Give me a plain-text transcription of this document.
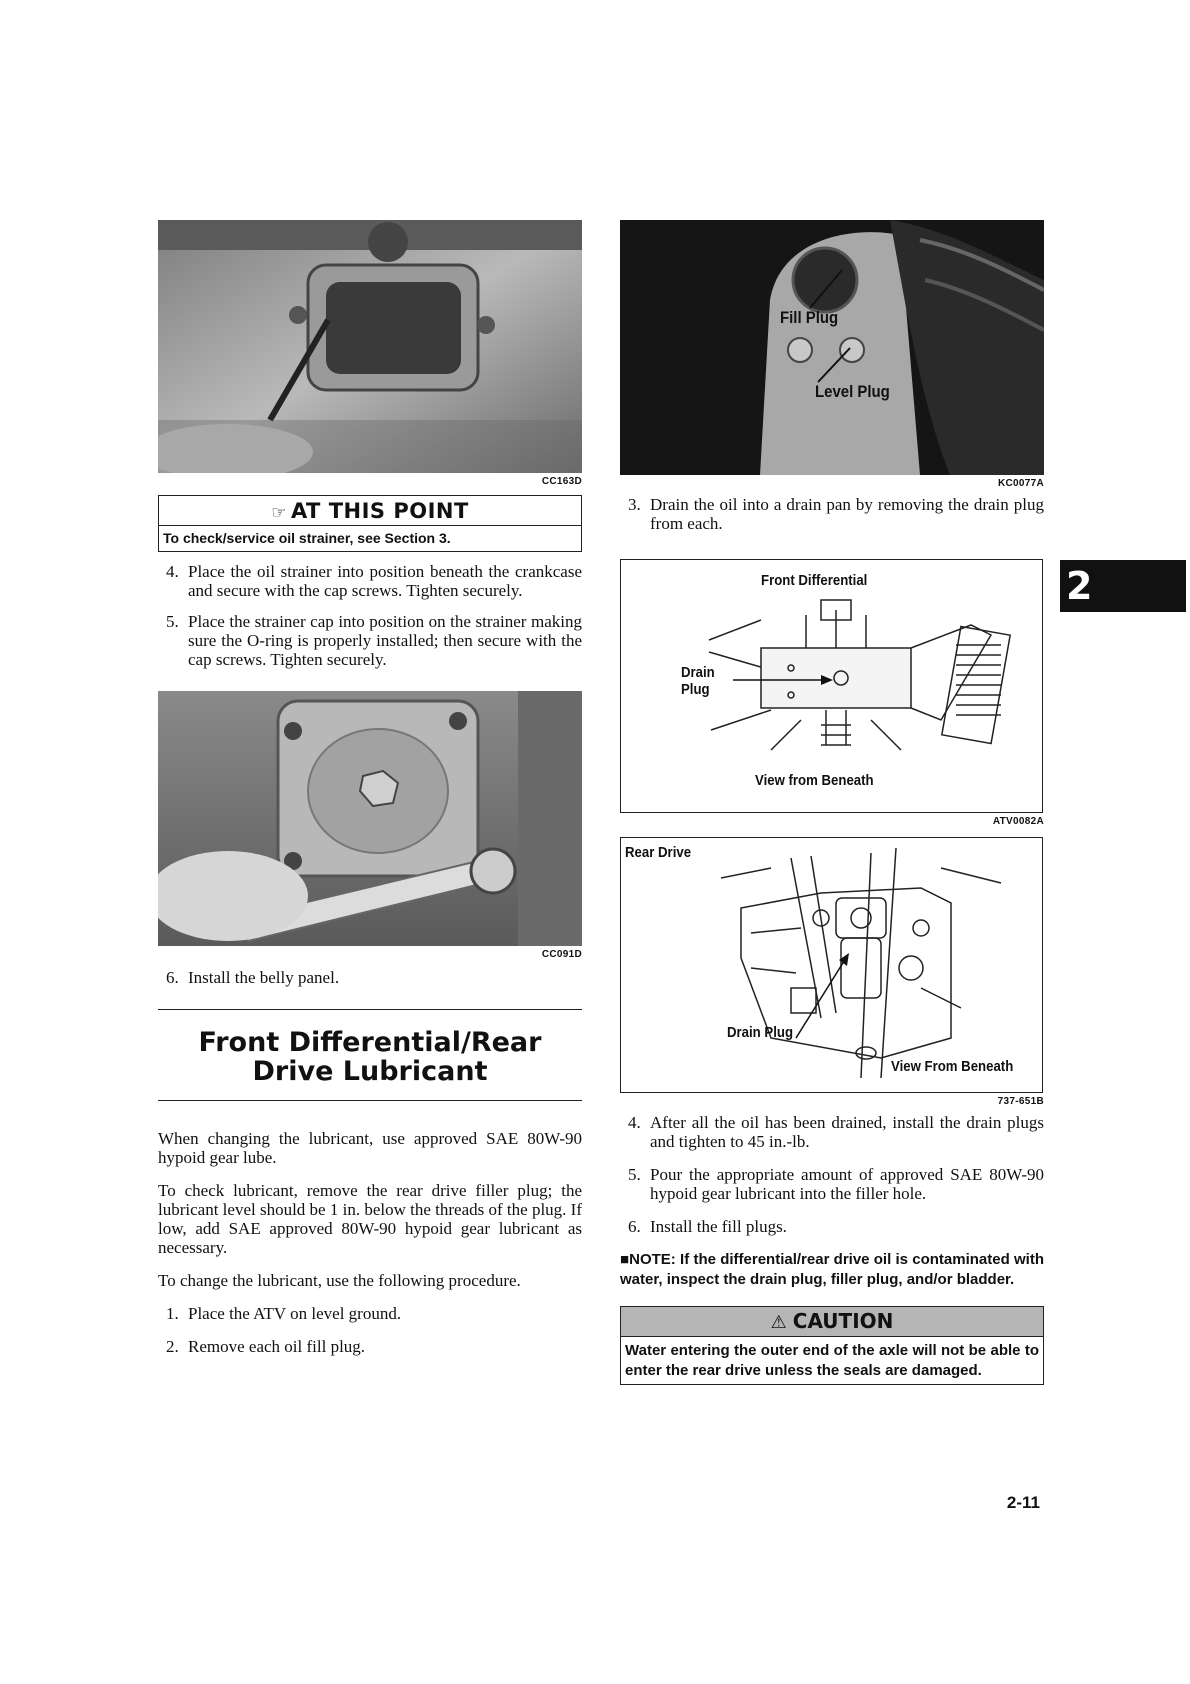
CC163D
☞ AT THIS POINT
To check/service oil strainer, see Section 3.
4. Place the oil strainer into position beneath the crankcase and secure with the cap screws. Tighten securely.
5. Place the strainer cap into position on the strainer making sure the O-ring is properly installed; then secure with the cap screws. Tighten securely.
CC091D
6. Install the belly panel.
Front Differential/Rear
Drive Lubricant
When changing the lubricant, use approved SAE 80W-90 hypoid gear lube.
To check lubricant, remove the rear drive filler plug; the lubricant level should be 1 in. below the threads of the plug. If low, add SAE approved 80W-90 hypoid gear lubricant as necessary.
To change the lubricant, use the following procedure.
1. Place the ATV on level ground.
2. Remove each oil fill plug.
Fill Plug
Level Plug
KC0077A
3. Drain the oil into a drain pan by removing the drain plug from each.
Front Differential
Drain
Plug
View from Beneath
ATV0082A
Rear Drive
Drain Plug
View From Beneath
737-651B
4. After all the oil has been drained, install the drain plugs and tighten to 45 in.-lb.
5. Pour the appropriate amount of approved SAE 80W-90 hypoid gear lubricant into the filler hole.
6. Install the fill plugs.
■NOTE: If the differential/rear drive oil is contaminated with water, inspect the drain plug, filler plug, and/or bladder.
⚠ CAUTION
Water entering the outer end of the axle will not be able to enter the rear drive unless the seals are damaged.
2
2-11
